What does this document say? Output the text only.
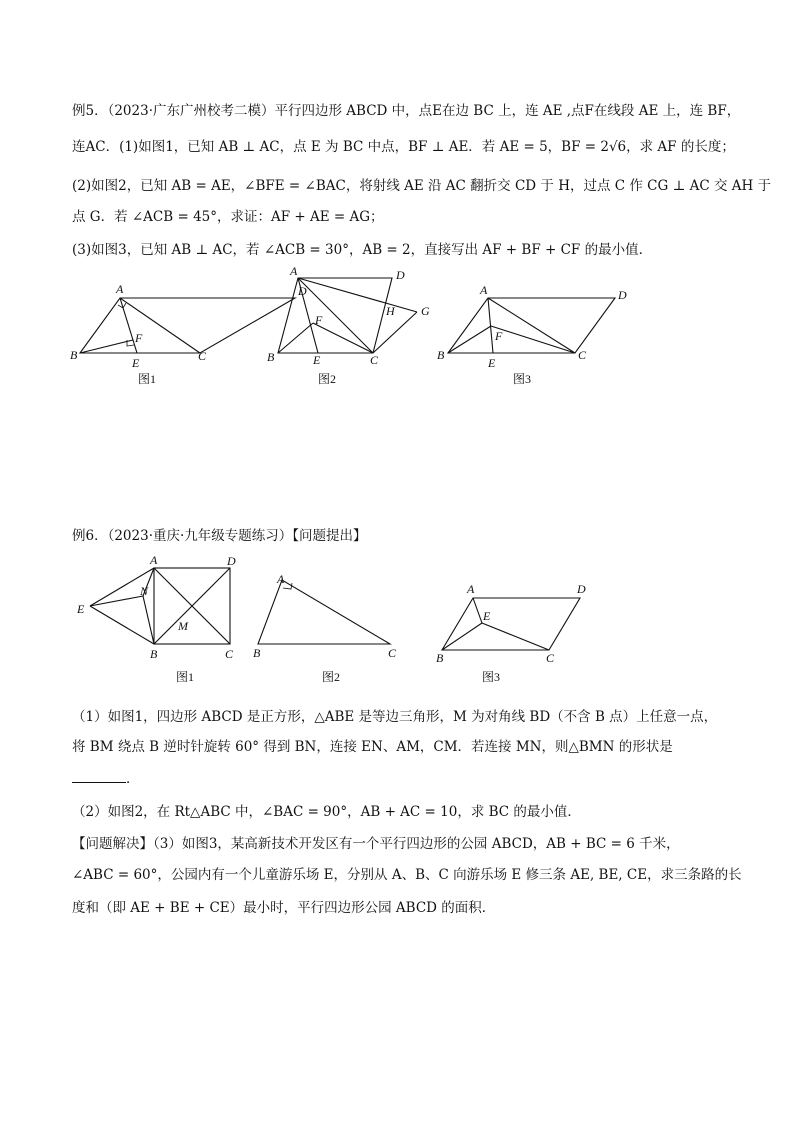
例5．（2023·广东广州校考二模）平行四边形 ABCD 中，点E在边 BC 上，连 AE ,点F在线段 AE 上，连 BF，
连AC．(1)如图1，已知 AB ⊥ AC，点 E 为 BC 中点，BF ⊥ AE．若 AE = 5，BF = 2√6，求 AF 的长度；
(2)如图2，已知 AB = AE，∠BFE = ∠BAC，将射线 AE 沿 AC 翻折交 CD 于 H，过点 C 作 CG ⊥ AC 交 AH 于
点 G．若 ∠ACB = 45°，求证：AF + AE = AG；
(3)如图3，已知 AB ⊥ AC，若 ∠ACB = 30°，AB = 2，直接写出 AF + BF + CF 的最小值．
A	D
B
E	C
F
A	D
B	E	C
F
H G
A	D
B
E
C
F
图1	图2	图3
例6．（2023·重庆·九年级专题练习）【问题提出】
A	D
E
N
M
B	C
A
B	C
A	D
E
B	C
图1	图2	图3
（1）如图1，四边形 ABCD 是正方形，△ABE 是等边三角形，M 为对角线 BD（不含 B 点）上任意一点，
将 BM 绕点 B 逆时针旋转 60° 得到 BN，连接 EN、AM，CM．若连接 MN，则△BMN 的形状是
．
（2）如图2，在 Rt△ABC 中，∠BAC = 90°，AB + AC = 10，求 BC 的最小值．
【问题解决】（3）如图3，某高新技术开发区有一个平行四边形的公园 ABCD，AB + BC = 6 千米，
∠ABC = 60°，公园内有一个儿童游乐场 E，分别从 A、B、C 向游乐场 E 修三条 AE, BE, CE，求三条路的长
度和（即 AE + BE + CE）最小时，平行四边形公园 ABCD 的面积．
